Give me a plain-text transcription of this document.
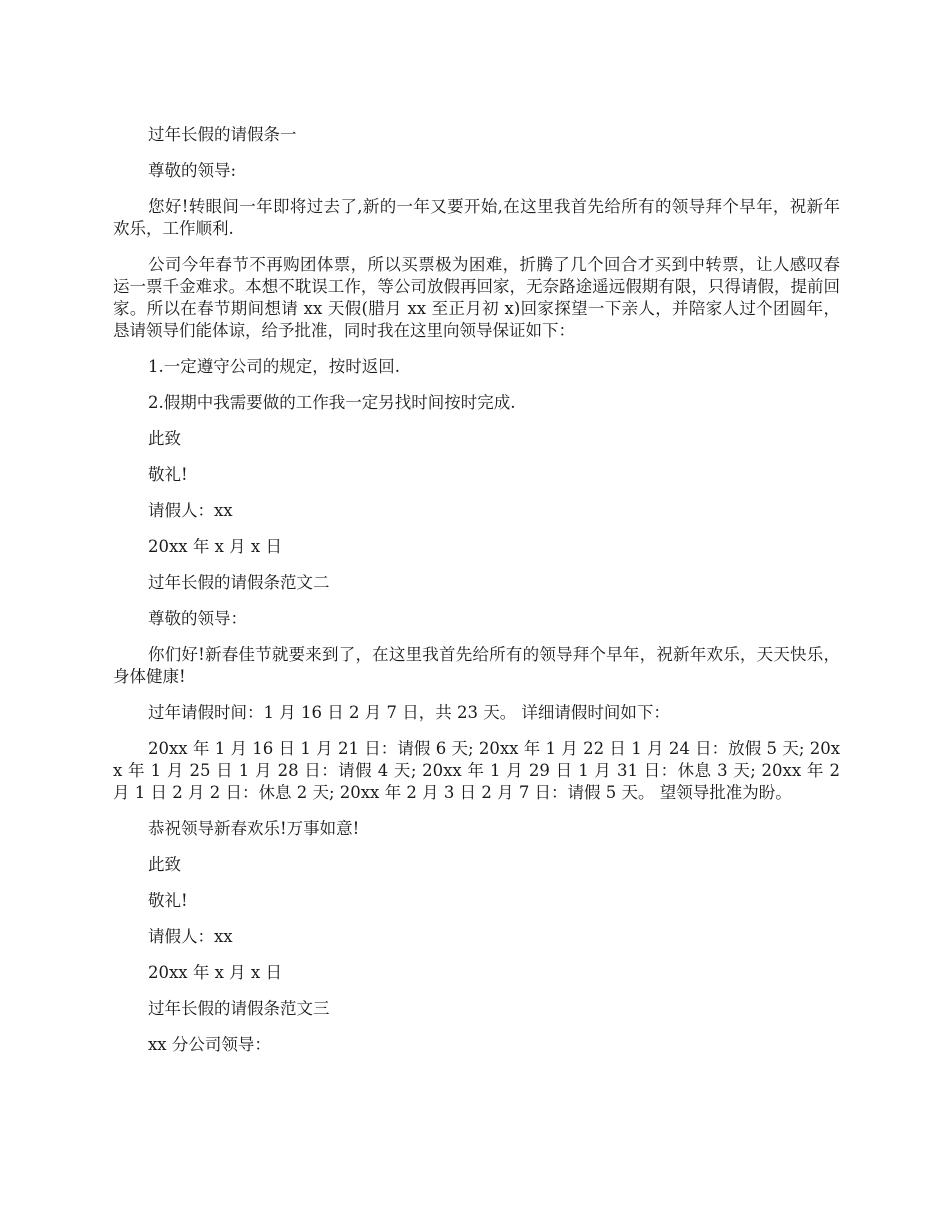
过年长假的请假条一

尊敬的领导:

您好!转眼间一年即将过去了,新的一年又要开始,在这里我首先给所有的领导拜个早年，祝新年欢乐，工作顺利.

公司今年春节不再购团体票，所以买票极为困难，折腾了几个回合才买到中转票，让人感叹春运一票千金难求。本想不耽误工作，等公司放假再回家，无奈路途遥远假期有限，只得请假，提前回家。所以在春节期间想请 xx 天假(腊月 xx 至正月初 x)回家探望一下亲人，并陪家人过个团圆年，恳请领导们能体谅，给予批准，同时我在这里向领导保证如下：

1.一定遵守公司的规定，按时返回.

2.假期中我需要做的工作我一定另找时间按时完成.

此致

敬礼!

请假人：xx

20xx 年 x 月 x 日

过年长假的请假条范文二

尊敬的领导：

你们好!新春佳节就要来到了，在这里我首先给所有的领导拜个早年，祝新年欢乐，天天快乐，身体健康!

过年请假时间：1 月 16 日 2 月 7 日，共 23 天。 详细请假时间如下：

20xx 年 1 月 16 日 1 月 21 日：请假 6 天; 20xx 年 1 月 22 日 1 月 24 日：放假 5 天; 20xx 年 1 月 25 日 1 月 28 日：请假 4 天; 20xx 年 1 月 29 日 1 月 31 日：休息 3 天; 20xx 年 2 月 1 日 2 月 2 日：休息 2 天; 20xx 年 2 月 3 日 2 月 7 日：请假 5 天。 望领导批准为盼。

恭祝领导新春欢乐!万事如意!

此致

敬礼!

请假人：xx

20xx 年 x 月 x 日

过年长假的请假条范文三

xx 分公司领导：
